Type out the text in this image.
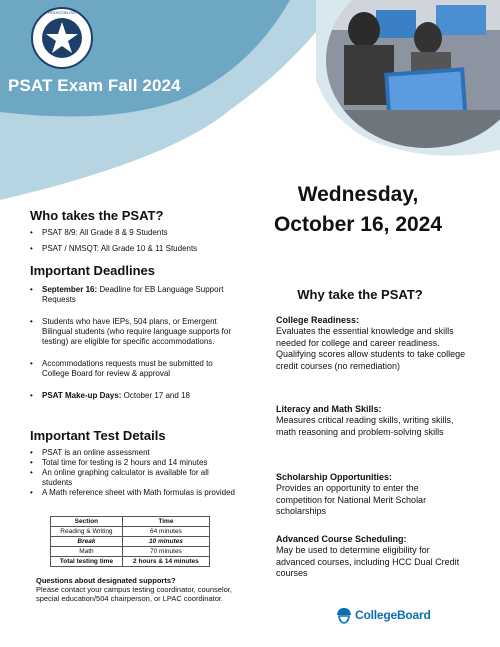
HOUSTON ISD
PSAT Exam Fall 2024
Wednesday,
October 16, 2024
Who takes the PSAT?
• PSAT 8/9: All Grade 8 & 9 Students
• PSAT / NMSQT: All Grade 10 & 11 Students
Important Deadlines
• September 16: Deadline for EB Language Support Requests
• Students who have IEPs, 504 plans, or Emergent Bilingual students (who require language supports for testing) are eligible for specific accommodations.
• Accommodations requests must be submitted to College Board for review & approval
• PSAT Make-up Days: October 17 and 18
Important Test Details
• PSAT is an online assessment
• Total time for testing is 2 hours and 14 minutes
• An online graphing calculator is available for all students
• A Math reference sheet with Math formulas is provided
Section	Time
Reading & Writing	64 minutes
Break	10 minutes
Math	70 minutes
Total testing time	2 hours & 14 minutes
Questions about designated supports?
Please contact your campus testing coordinator, counselor, special education/504 chairperson, or LPAC coordinator.
Why take the PSAT?
College Readiness:
Evaluates the essential knowledge and skills needed for college and career readiness. Qualifying scores allow students to take college credit courses (no remediation)
Literacy and Math Skills:
Measures critical reading skills, writing skills, math reasoning and problem-solving skills
Scholarship Opportunities:
Provides an opportunity to enter the competition for National Merit Scholar scholarships
Advanced Course Scheduling:
May be used to determine eligibility for advanced courses, including HCC Dual Credit courses
CollegeBoard
